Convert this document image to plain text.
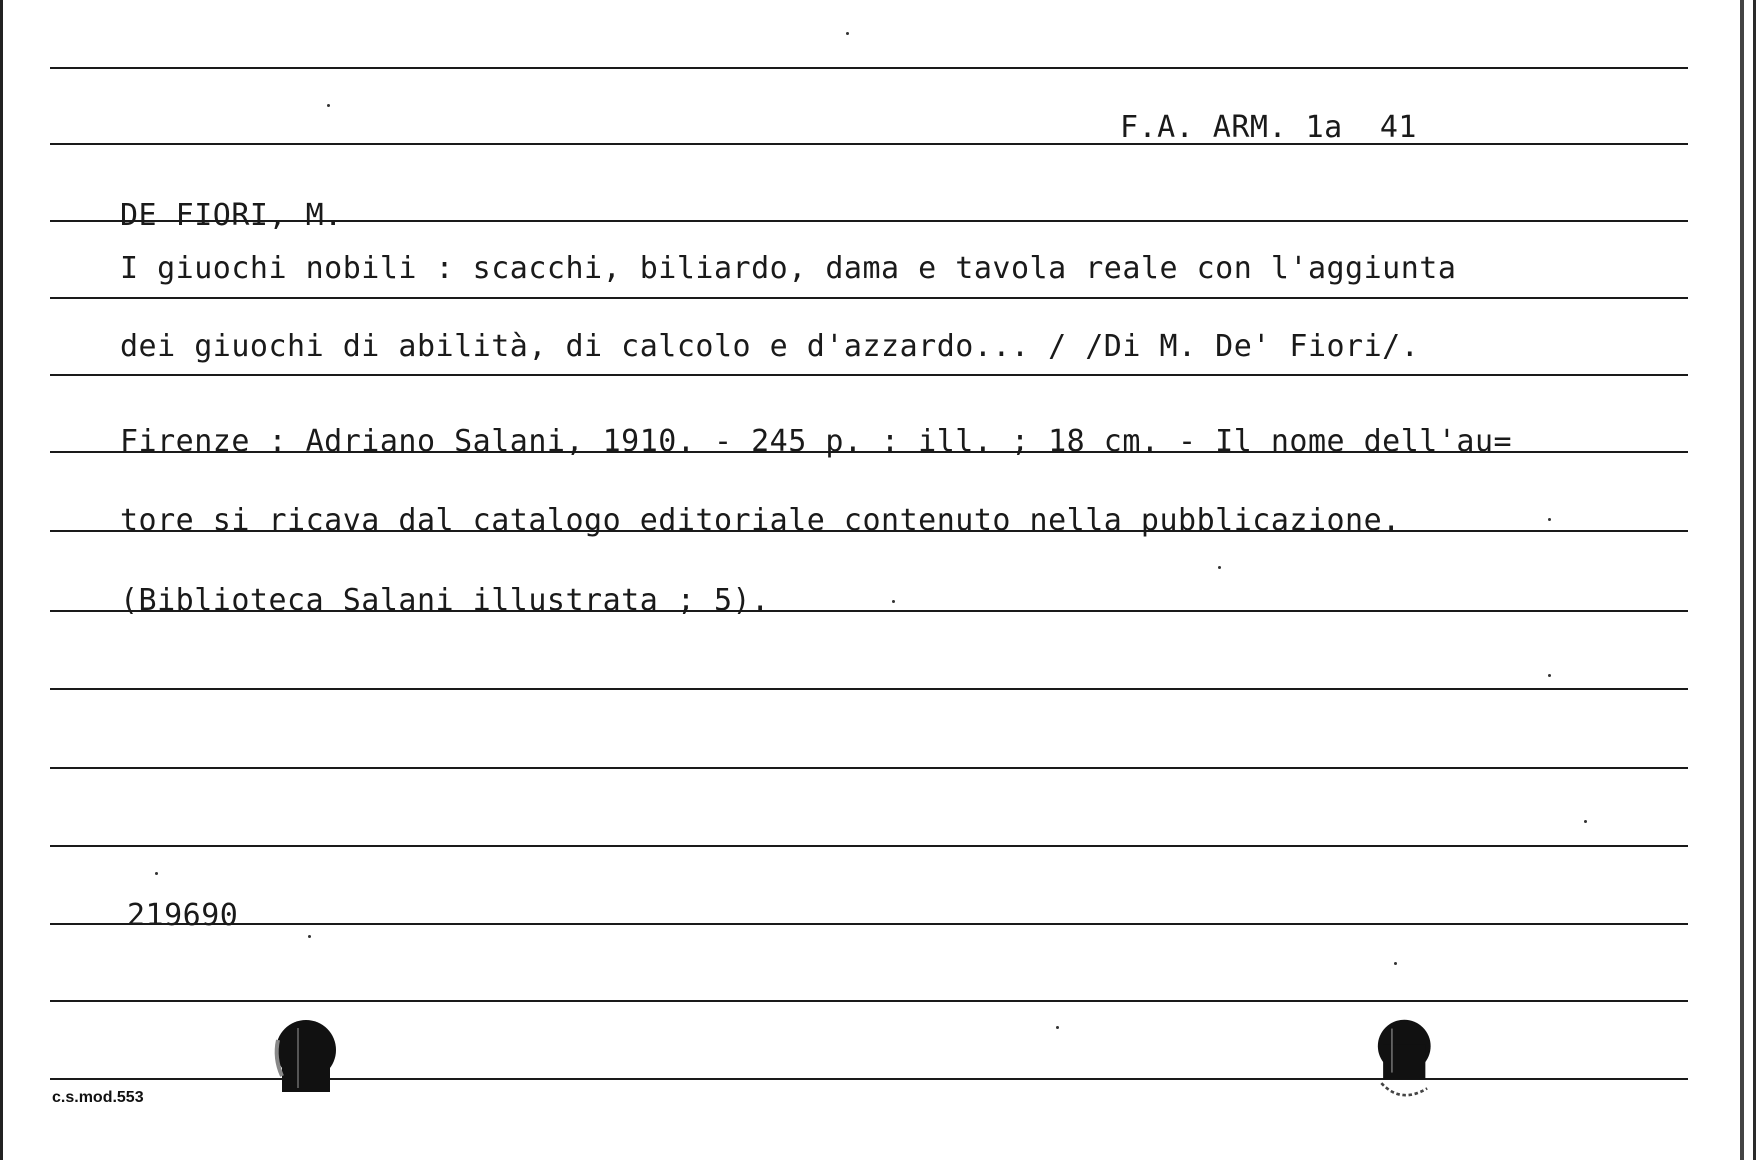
F.A. ARM. 1a  41
DE FIORI, M.
I giuochi nobili : scacchi, biliardo, dama e tavola reale con l'aggiunta
dei giuochi di abilità, di calcolo e d'azzardo... / /Di M. De' Fiori/.
Firenze : Adriano Salani, 1910. - 245 p. : ill. ; 18 cm. - Il nome dell'au=
tore si ricava dal catalogo editoriale contenuto nella pubblicazione.
(Biblioteca Salani illustrata ; 5).
219690
c.s.mod.553
